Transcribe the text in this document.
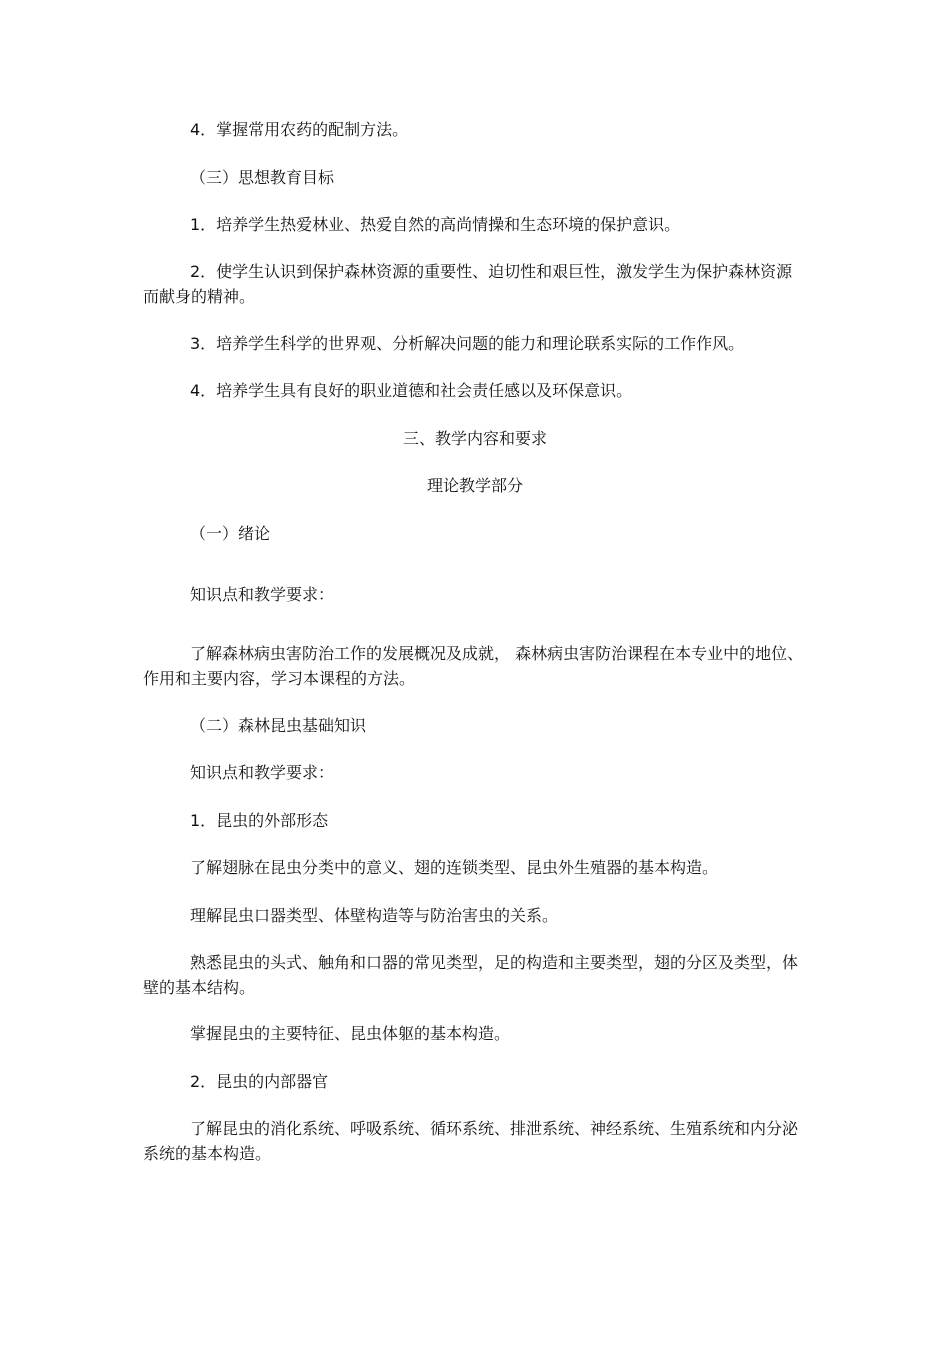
4．掌握常用农药的配制方法。

（三）思想教育目标

1．培养学生热爱林业、热爱自然的高尚情操和生态环境的保护意识。

2．使学生认识到保护森林资源的重要性、迫切性和艰巨性，激发学生为保护森林资源而献身的精神。

3．培养学生科学的世界观、分析解决问题的能力和理论联系实际的工作作风。

4．培养学生具有良好的职业道德和社会责任感以及环保意识。

三、教学内容和要求

理论教学部分

（一）绪论

知识点和教学要求：

了解森林病虫害防治工作的发展概况及成就， 森林病虫害防治课程在本专业中的地位、作用和主要内容，学习本课程的方法。

（二）森林昆虫基础知识

知识点和教学要求：

1．昆虫的外部形态

了解翅脉在昆虫分类中的意义、翅的连锁类型、昆虫外生殖器的基本构造。

理解昆虫口器类型、体壁构造等与防治害虫的关系。

熟悉昆虫的头式、触角和口器的常见类型，足的构造和主要类型，翅的分区及类型，体壁的基本结构。

掌握昆虫的主要特征、昆虫体躯的基本构造。

2．昆虫的内部器官

了解昆虫的消化系统、呼吸系统、循环系统、排泄系统、神经系统、生殖系统和内分泌系统的基本构造。
